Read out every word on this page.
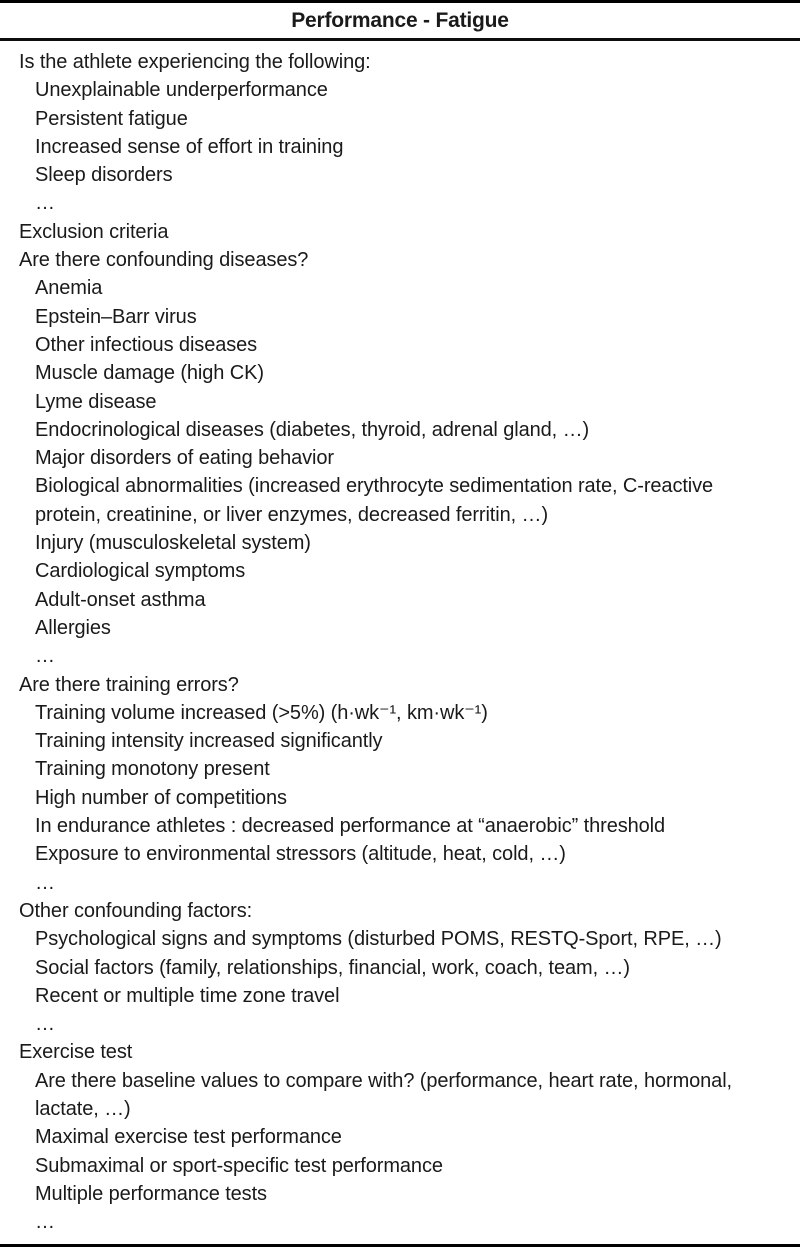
Performance - Fatigue
Is the athlete experiencing the following:
Unexplainable underperformance
Persistent fatigue
Increased sense of effort in training
Sleep disorders
…
Exclusion criteria
Are there confounding diseases?
Anemia
Epstein–Barr virus
Other infectious diseases
Muscle damage (high CK)
Lyme disease
Endocrinological diseases (diabetes, thyroid, adrenal gland, …)
Major disorders of eating behavior
Biological abnormalities (increased erythrocyte sedimentation rate, C-reactive
protein, creatinine, or liver enzymes, decreased ferritin, …)
Injury (musculoskeletal system)
Cardiological symptoms
Adult-onset asthma
Allergies
…
Are there training errors?
Training volume increased (>5%) (h·wk⁻¹, km·wk⁻¹)
Training intensity increased significantly
Training monotony present
High number of competitions
In endurance athletes : decreased performance at “anaerobic” threshold
Exposure to environmental stressors (altitude, heat, cold, …)
…
Other confounding factors:
Psychological signs and symptoms (disturbed POMS, RESTQ-Sport, RPE, …)
Social factors (family, relationships, financial, work, coach, team, …)
Recent or multiple time zone travel
…
Exercise test
Are there baseline values to compare with? (performance, heart rate, hormonal,
lactate, …)
Maximal exercise test performance
Submaximal or sport-specific test performance
Multiple performance tests
…
